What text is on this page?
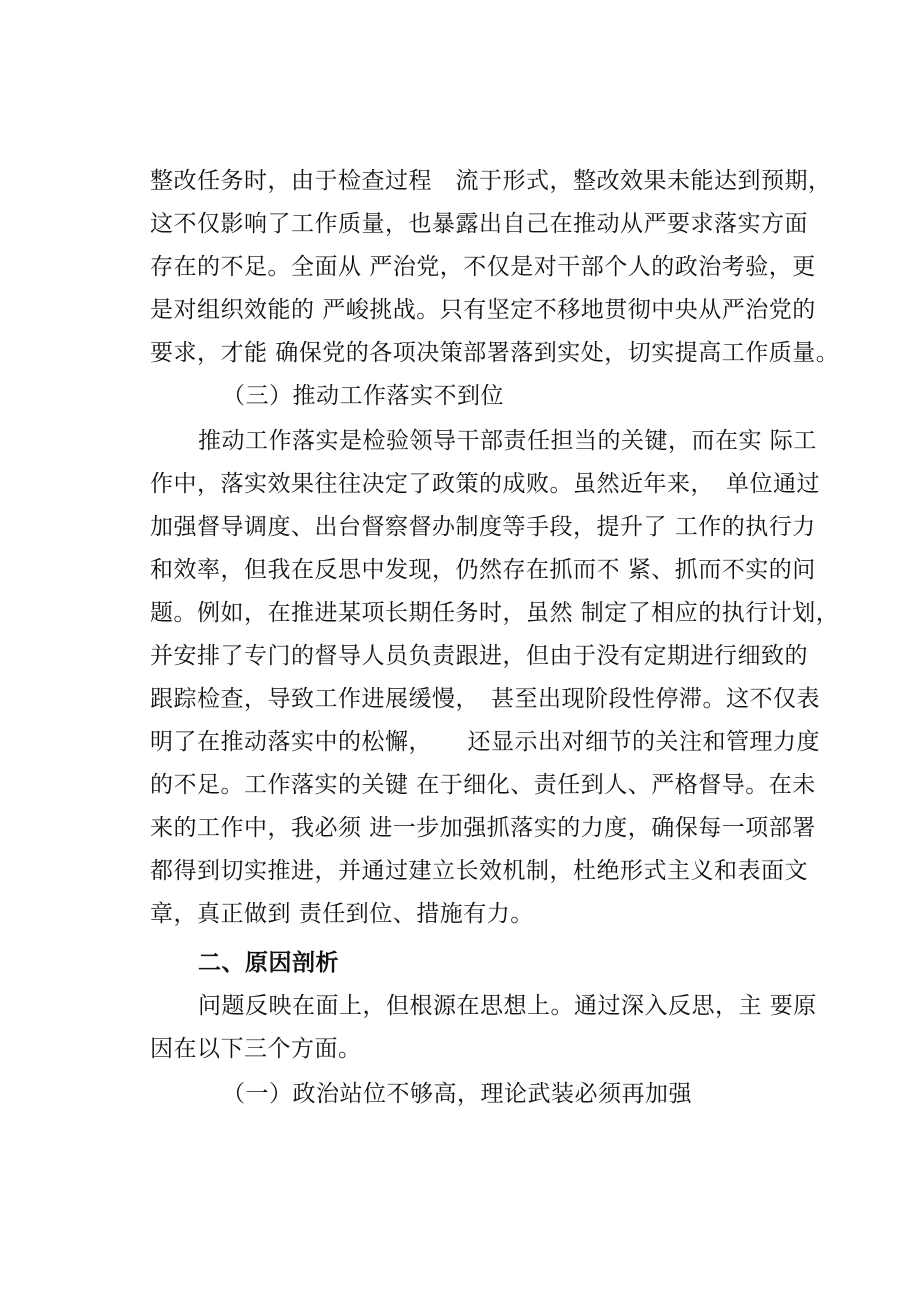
整改任务时，由于检查过程　流于形式，整改效果未能达到预期，
这不仅影响了工作质量，也暴露出自己在推动从严要求落实方面
存在的不足。全面从 严治党，不仅是对干部个人的政治考验，更
是对组织效能的 严峻挑战。只有坚定不移地贯彻中央从严治党的
要求，才能 确保党的各项决策部署落到实处，切实提高工作质量。
（三）推动工作落实不到位
推动工作落实是检验领导干部责任担当的关键，而在实 际工
作中，落实效果往往决定了政策的成败。虽然近年来，　单位通过
加强督导调度、出台督察督办制度等手段，提升了 工作的执行力
和效率，但我在反思中发现，仍然存在抓而不 紧、抓而不实的问
题。例如，在推进某项长期任务时，虽然 制定了相应的执行计划，
并安排了专门的督导人员负责跟进，但由于没有定期进行细致的
跟踪检查，导致工作进展缓慢，　甚至出现阶段性停滞。这不仅表
明了在推动落实中的松懈，　　还显示出对细节的关注和管理力度
的不足。工作落实的关键 在于细化、责任到人、严格督导。在未
来的工作中，我必须 进一步加强抓落实的力度，确保每一项部署
都得到切实推进，并通过建立长效机制，杜绝形式主义和表面文
章，真正做到 责任到位、措施有力。
二、原因剖析
问题反映在面上，但根源在思想上。通过深入反思，主 要原
因在以下三个方面。
（一）政治站位不够高，理论武装必须再加强
